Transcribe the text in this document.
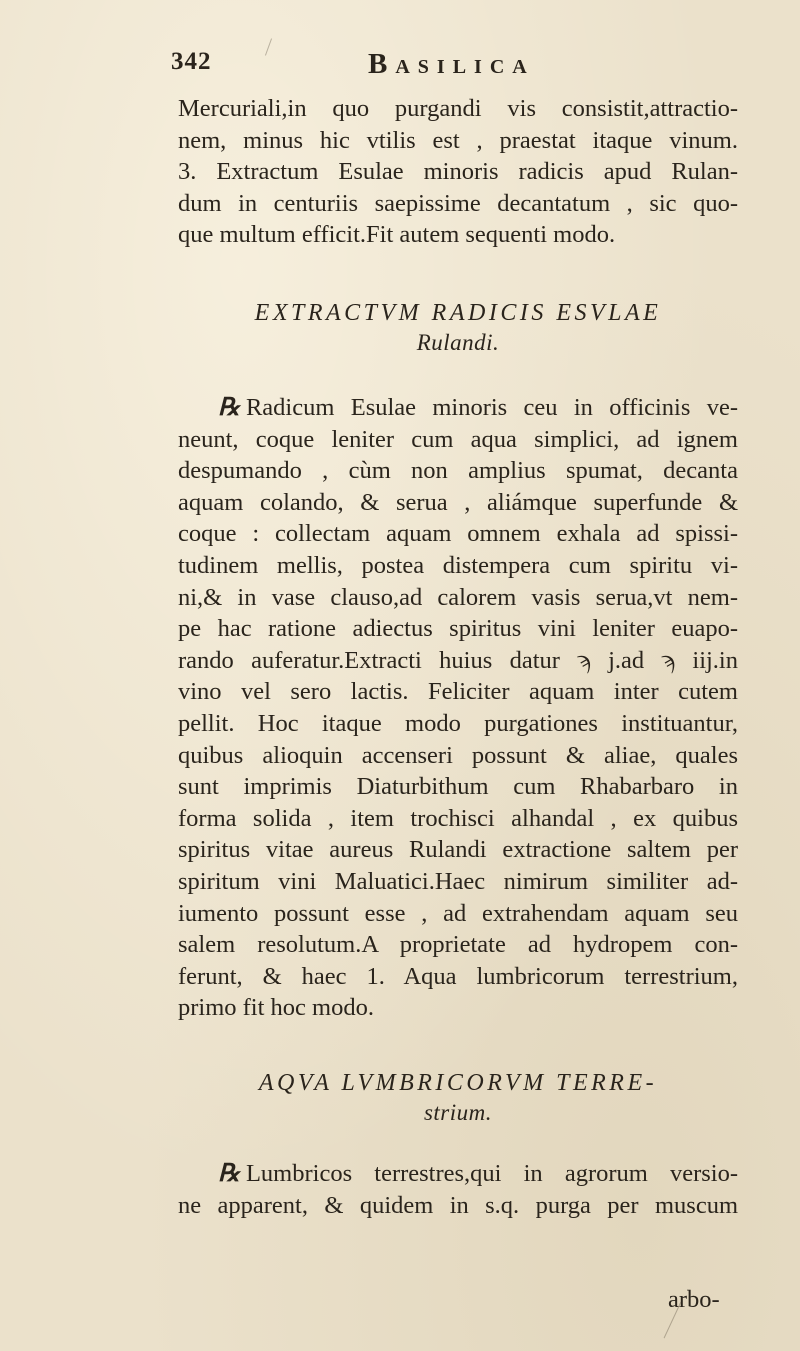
342	Basilica
Mercuriali,in quo purgandi vis consistit,attractio-
nem, minus hic vtilis est , praestat itaque vinum.
3. Extractum Esulae minoris radicis apud Rulan-
dum in centuriis saepissime decantatum , sic quo-
que multum efficit.Fit autem sequenti modo.
EXTRACTVM RADICIS ESVLAE
Rulandi.
℞ Radicum Esulae minoris ceu in officinis ve-
neunt, coque leniter cum aqua simplici, ad ignem
despumando , cùm non amplius spumat, decanta
aquam colando, & serua , aliámque superfunde &
coque : collectam aquam omnem exhala ad spissi-
tudinem mellis, postea distempera cum spiritu vi-
ni,& in vase clauso,ad calorem vasis serua,vt nem-
pe hac ratione adiectus spiritus vini leniter euapo-
rando auferatur.Extracti huius datur ϡ j.ad ϡ iij.in
vino vel sero lactis. Feliciter aquam inter cutem
pellit. Hoc itaque modo purgationes instituantur,
quibus alioquin accenseri possunt & aliae, quales
sunt imprimis Diaturbithum cum Rhabarbaro in
forma solida , item trochisci alhandal , ex quibus
spiritus vitae aureus Rulandi extractione saltem per
spiritum vini Maluatici.Haec nimirum similiter ad-
iumento possunt esse , ad extrahendam aquam seu
salem resolutum.A proprietate ad hydropem con-
ferunt, & haec 1. Aqua lumbricorum terrestrium,
primo fit hoc modo.
AQVA LVMBRICORVM TERRE-
strium.
℞ Lumbricos terrestres,qui in agrorum versio-
ne apparent, & quidem in s.q. purga per muscum
arbo-
